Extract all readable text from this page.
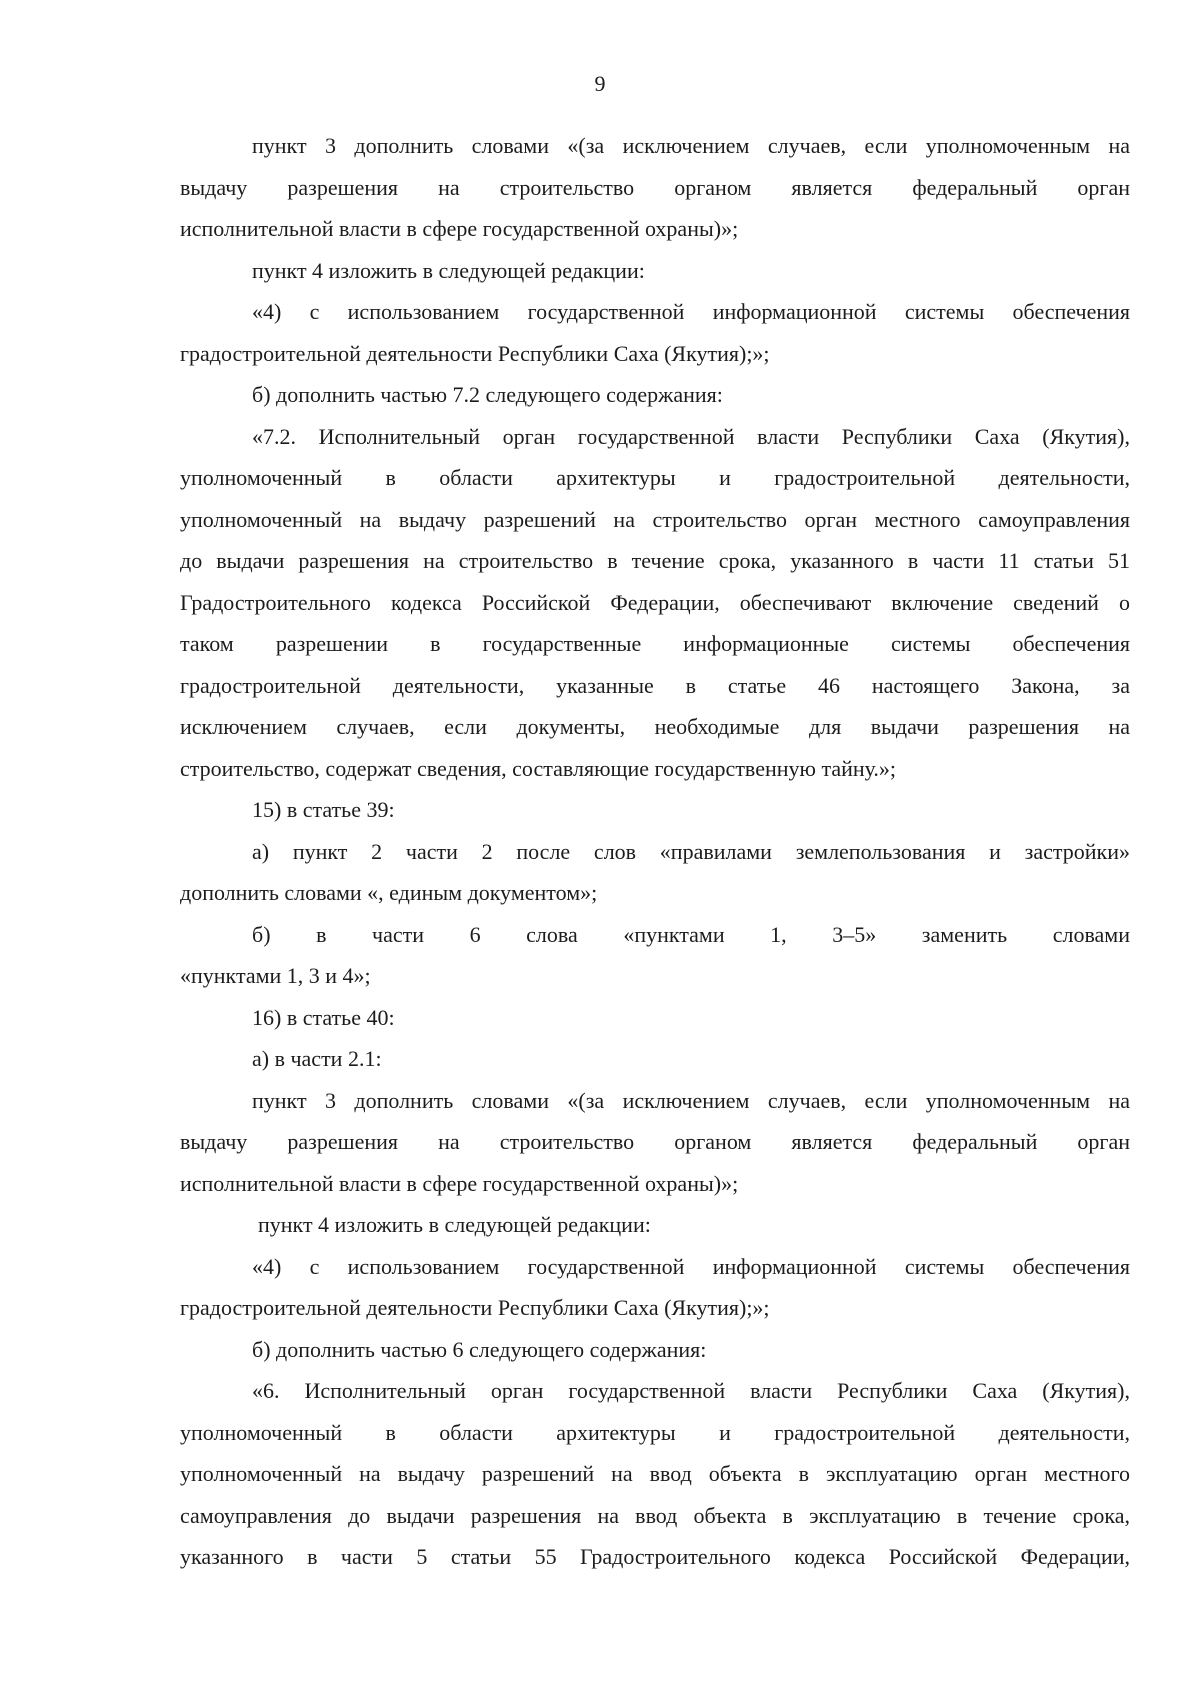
9
пункт 3 дополнить словами «(за исключением случаев, если уполномоченным на
выдачу разрешения на строительство органом является федеральный орган
исполнительной власти в сфере государственной охраны)»;
пункт 4 изложить в следующей редакции:
«4) с использованием государственной информационной системы обеспечения
градостроительной деятельности Республики Саха (Якутия);»;
б) дополнить частью 7.2 следующего содержания:
«7.2. Исполнительный орган государственной власти Республики Саха (Якутия),
уполномоченный в области архитектуры и градостроительной деятельности,
уполномоченный на выдачу разрешений на строительство орган местного самоуправления
до выдачи разрешения на строительство в течение срока, указанного в части 11 статьи 51
Градостроительного кодекса Российской Федерации, обеспечивают включение сведений о
таком разрешении в государственные информационные системы обеспечения
градостроительной деятельности, указанные в статье 46 настоящего Закона, за
исключением случаев, если документы, необходимые для выдачи разрешения на
строительство, содержат сведения, составляющие государственную тайну.»;
15) в статье 39:
а) пункт 2 части 2 после слов «правилами землепользования и застройки»
дополнить словами «, единым документом»;
б) в части 6 слова «пунктами 1, 3–5» заменить словами
«пунктами 1, 3 и 4»;
16) в статье 40:
а) в части 2.1:
пункт 3 дополнить словами «(за исключением случаев, если уполномоченным на
выдачу разрешения на строительство органом является федеральный орган
исполнительной власти в сфере государственной охраны)»;
пункт 4 изложить в следующей редакции:
«4) с использованием государственной информационной системы обеспечения
градостроительной деятельности Республики Саха (Якутия);»;
б) дополнить частью 6 следующего содержания:
«6. Исполнительный орган государственной власти Республики Саха (Якутия),
уполномоченный в области архитектуры и градостроительной деятельности,
уполномоченный на выдачу разрешений на ввод объекта в эксплуатацию орган местного
самоуправления до выдачи разрешения на ввод объекта в эксплуатацию в течение срока,
указанного в части 5 статьи 55 Градостроительного кодекса Российской Федерации,
